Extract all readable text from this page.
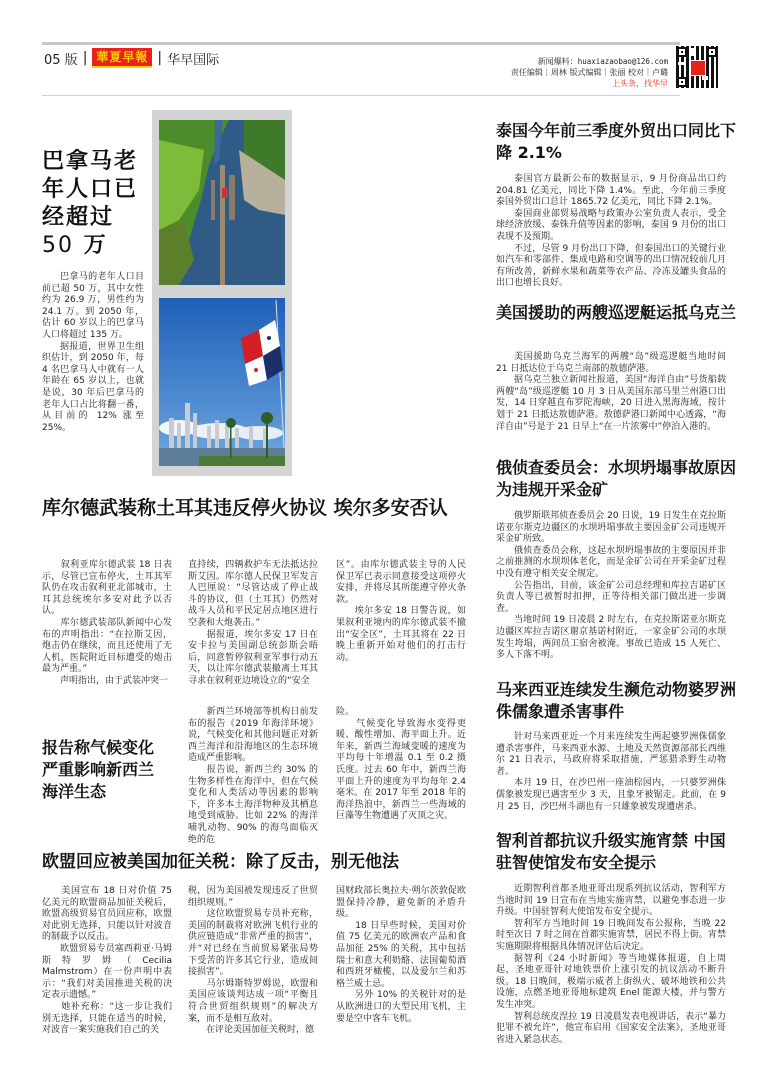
05 版 | 華夏早報 | 华早国际	新闻爆料：huaxiazaobao@126.com
责任编辑｜周林 版式编辑｜张丽 校对｜卢璐
上头条，找华早
巴拿马老年人口已经超过 50 万

巴拿马的老年人口目前已超 50 万，其中女性约为 26.9 万，男性约为 24.1 万。到 2050 年，估计 60 岁以上的巴拿马人口将超过 135 万。

据报道，世界卫生组织估计，到 2050 年，每 4 名巴拿马人中就有一人年龄在 65 岁以上，也就是说，30 年后巴拿马的老年人口占比将翻一番，从目前的 12% 涨至 25%。

泰国今年前三季度外贸出口同比下降 2.1%

泰国官方最新公布的数据显示，9 月份商品出口约 204.81 亿美元，同比下降 1.4%。至此，今年前三季度泰国外贸出口总计 1865.72 亿美元，同比下降 2.1%。

泰国商业部贸易战略与政策办公室负责人表示，受全球经济放缓、泰铢升值等因素的影响，泰国 9 月份的出口表现不及预期。

不过，尽管 9 月份出口下降，但泰国出口的关键行业如汽车和零部件、集成电路和空调等的出口情况较前几月有所改善，新鲜水果和蔬菜等农产品、冷冻及罐头食品的出口也增长良好。

美国援助的两艘巡逻艇运抵乌克兰

美国援助乌克兰海军的两艘“岛”级巡逻艇当地时间 21 日抵达位于乌克兰南部的敖德萨港。

据乌克兰独立新闻社报道，美国“海洋自由”号货船载两艘“岛”级巡逻艇 10 月 3 日从美国东部马里兰州港口出发，14 日穿越直布罗陀海峡，20 日进入黑海海域，按计划于 21 日抵达敖德萨港。敖德萨港口新闻中心透露，“海洋自由”号是于 21 日早上“在一片浓雾中”停泊入港的。

俄侦查委员会：水坝坍塌事故原因为违规开采金矿

俄罗斯联邦侦查委员会 20 日说，19 日发生在克拉斯诺亚尔斯克边疆区的水坝坍塌事故主要因金矿公司违规开采金矿所致。

俄侦查委员会称，这起水坝坍塌事故的主要原因并非之前推测的水坝坝体老化，而是金矿公司在开采金矿过程中没有遵守相关安全规定。

公告指出，目前，该金矿公司总经理和库拉吉诺矿区负责人等已被暂时扣押，正等待相关部门做出进一步调查。

当地时间 19 日凌晨 2 时左右，在克拉斯诺亚尔斯克边疆区库拉吉诺区谢京基诺村附近，一家金矿公司的水坝发生垮塌，两间员工宿舍被淹。事故已造成 15 人死亡、多人下落不明。

马来西亚连续发生濒危动物婆罗洲侏儒象遭杀害事件

针对马来西亚近一个月来连续发生两起婆罗洲侏儒象遭杀害事件，马来西亚水源、土地及天然资源部部长西维尔 21 日表示，马政府将采取措施，严惩猎杀野生动物者。

本月 19 日，在沙巴州一座油棕园内，一只婆罗洲侏儒象被发现已遇害至少 3 天，且象牙被锯走。此前，在 9 月 25 日，沙巴州斗湖也有一只雄象被发现遭虐杀。

智利首都抗议升级实施宵禁 中国驻智使馆发布安全提示

近期智利首都圣地亚哥出现系列抗议活动，智利军方当地时间 19 日宣布在当地实施宵禁，以避免事态进一步升级。中国驻智利大使馆发布安全提示。

智利军方当地时间 19 日晚间发布公报称，当晚 22 时至次日 7 时之间在首都实施宵禁，居民不得上街。宵禁实施期限将根据具体情况评估后决定。

据智利《24 小时新闻》等当地媒体报道，自上周起，圣地亚哥针对地铁票价上涨引发的抗议活动不断升级。18 日晚间，极端示威者上街纵火、破坏地铁和公共设施，点燃圣地亚哥地标建筑 Enel 能源大楼，并与警方发生冲突。

智利总统皮涅拉 19 日凌晨发表电视讲话，表示“暴力犯罪不被允许”，他宣布启用《国家安全法案》，圣地亚哥省进入紧急状态。

库尔德武装称土耳其违反停火协议 埃尔多安否认
　　叙利亚库尔德武装 18 日表示，尽管已宣布停火，土耳其军队仍在攻击叙利亚北部城市，土耳其总统埃尔多安对此予以否认。
　　库尔德武装部队新闻中心发布的声明指出：“在拉斯艾因，炮击仍在继续，而且还使用了无人机，医院附近目标遭受的炮击最为严重。”
　　声明指出，由于武装冲突一
直持续，四辆救护车无法抵达拉斯艾因。库尔德人民保卫军发言人巴厘说：“尽管达成了停止战斗的协议，但（土耳其）仍然对战斗人员和平民定居点地区进行空袭和大炮袭击。”
　　据报道，埃尔多安 17 日在安卡拉与美国副总统彭斯会晤后，同意暂停叙利亚军事行动五天，以让库尔德武装撤离土耳其寻求在叙利亚边境设立的“安全
区”。由库尔德武装主导的人民保卫军已表示同意接受这项停火安排，并将尽其所能遵守停火条款。
　　埃尔多安 18 日警告说，如果叙利亚境内的库尔德武装不撤出“安全区”，土耳其将在 22 日晚上重新开始对他们的打击行动。
报告称气候变化严重影响新西兰海洋生态
　　新西兰环境部等机构日前发布的报告《2019 年海洋环境》说，气候变化和其他问题正对新西兰海洋和沿海地区的生态环境造成严重影响。
　　报告说，新西兰约 30% 的生物多样性在海洋中，但在气候变化和人类活动等因素的影响下，许多本土海洋物种及其栖息地受到威胁。比如 22% 的海洋哺乳动物、90% 的海鸟面临灭绝的危
险。
　　气候变化导致海水变得更暖、酸性增加、海平面上升。近年来，新西兰海域变暖的速度为平均每十年增温 0.1 至 0.2 摄氏度。过去 60 年中，新西兰海平面上升的速度为平均每年 2.4 毫米。在 2017 年至 2018 年的海洋热浪中，新西兰一些海域的巨藻等生物遭遇了灭顶之灾。
欧盟回应被美国加征关税：除了反击，别无他法
　　美国宣布 18 日对价值 75 亿美元的欧盟商品加征关税后，欧盟高级贸易官员回应称，欧盟对此别无选择，只能以针对波音的制裁予以反击。
　　欧盟贸易专员塞西莉亚·马姆斯特罗姆（Cecilia Malmstrom）在一份声明中表示：“我们对美国推进关税的决定表示遗憾。”
　　她补充称：“这一步让我们别无选择，只能在适当的时候，对波音一案实施我们自己的关
税，因为美国被发现违反了世贸组织规则。”
　　这位欧盟贸易专员补充称，美国的制裁将对欧洲飞机行业的供应链造成“非常严重的损害”，并“对已经在当前贸易紧张局势下受苦的许多其它行业，造成间接损害”。
　　马尔姆斯特罗姆说，欧盟和美国应该谈判达成一项“平衡且符合世贸组织规则”的解决方案，而不是相互敌对。
　　在评论美国加征关税时，德
国财政部长奥拉夫·朔尔茨敦促欧盟保持冷静，避免新的矛盾升级。
　　18 日早些时候，美国对价值 75 亿美元的欧洲农产品和食品加征 25% 的关税，其中包括瑞士和意大利奶酪、法国葡萄酒和西班牙橄榄，以及爱尔兰和苏格兰威士忌。
　　另外 10% 的关税针对的是从欧洲进口的大型民用飞机，主要是空中客车飞机。
